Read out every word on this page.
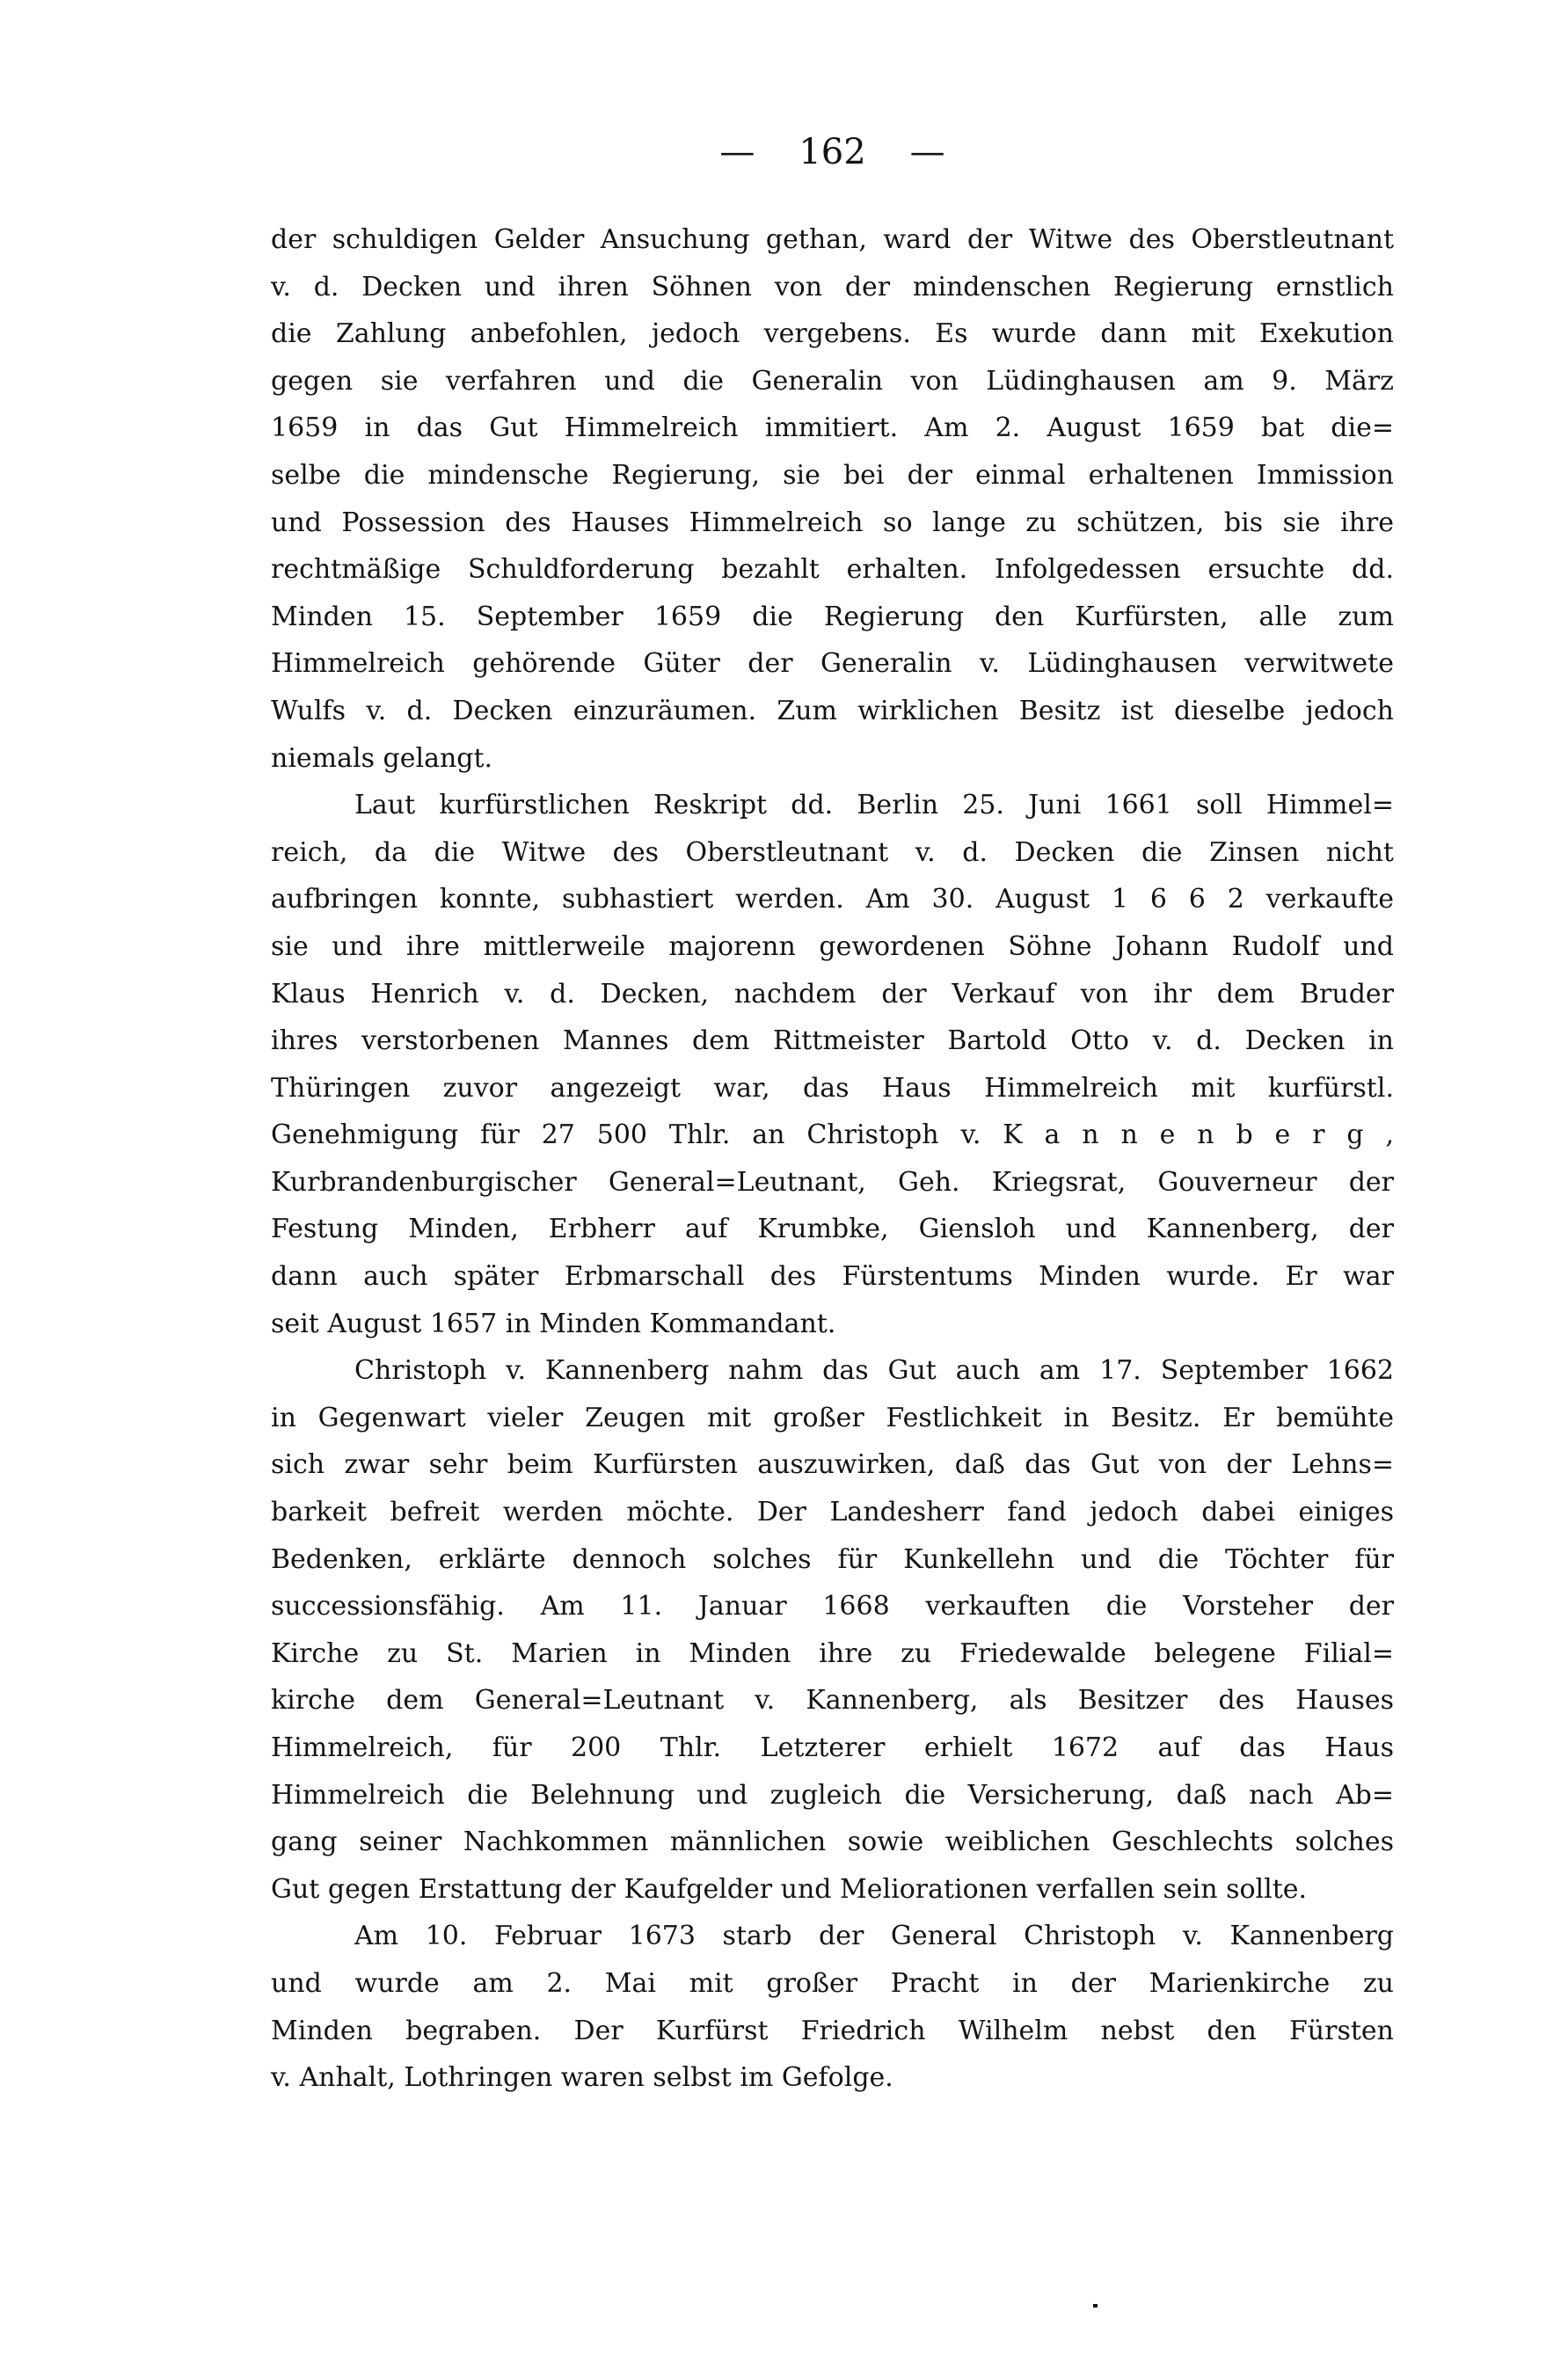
— 162 —
der schuldigen Gelder Ansuchung gethan, ward der Witwe des Oberstleutnant
v. d. Decken und ihren Söhnen von der mindenschen Regierung ernstlich
die Zahlung anbefohlen, jedoch vergebens. Es wurde dann mit Exekution
gegen sie verfahren und die Generalin von Lüdinghausen am 9. März
1659 in das Gut Himmelreich immitiert. Am 2. August 1659 bat die=
selbe die mindensche Regierung, sie bei der einmal erhaltenen Immission
und Possession des Hauses Himmelreich so lange zu schützen, bis sie ihre
rechtmäßige Schuldforderung bezahlt erhalten. Infolgedessen ersuchte dd.
Minden 15. September 1659 die Regierung den Kurfürsten, alle zum
Himmelreich gehörende Güter der Generalin v. Lüdinghausen verwitwete
Wulfs v. d. Decken einzuräumen. Zum wirklichen Besitz ist dieselbe jedoch
niemals gelangt.
Laut kurfürstlichen Reskript dd. Berlin 25. Juni 1661 soll Himmel=
reich, da die Witwe des Oberstleutnant v. d. Decken die Zinsen nicht
aufbringen konnte, subhastiert werden. Am 30. August 1 6 6 2 verkaufte
sie und ihre mittlerweile majorenn gewordenen Söhne Johann Rudolf und
Klaus Henrich v. d. Decken, nachdem der Verkauf von ihr dem Bruder
ihres verstorbenen Mannes dem Rittmeister Bartold Otto v. d. Decken in
Thüringen zuvor angezeigt war, das Haus Himmelreich mit kurfürstl.
Genehmigung für 27 500 Thlr. an Christoph v. K a n n e n b e r g ,
Kurbrandenburgischer General=Leutnant, Geh. Kriegsrat, Gouverneur der
Festung Minden, Erbherr auf Krumbke, Giensloh und Kannenberg, der
dann auch später Erbmarschall des Fürstentums Minden wurde. Er war
seit August 1657 in Minden Kommandant.
Christoph v. Kannenberg nahm das Gut auch am 17. September 1662
in Gegenwart vieler Zeugen mit großer Festlichkeit in Besitz. Er bemühte
sich zwar sehr beim Kurfürsten auszuwirken, daß das Gut von der Lehns=
barkeit befreit werden möchte. Der Landesherr fand jedoch dabei einiges
Bedenken, erklärte dennoch solches für Kunkellehn und die Töchter für
successionsfähig. Am 11. Januar 1668 verkauften die Vorsteher der
Kirche zu St. Marien in Minden ihre zu Friedewalde belegene Filial=
kirche dem General=Leutnant v. Kannenberg, als Besitzer des Hauses
Himmelreich, für 200 Thlr. Letzterer erhielt 1672 auf das Haus
Himmelreich die Belehnung und zugleich die Versicherung, daß nach Ab=
gang seiner Nachkommen männlichen sowie weiblichen Geschlechts solches
Gut gegen Erstattung der Kaufgelder und Meliorationen verfallen sein sollte.
Am 10. Februar 1673 starb der General Christoph v. Kannenberg
und wurde am 2. Mai mit großer Pracht in der Marienkirche zu
Minden begraben. Der Kurfürst Friedrich Wilhelm nebst den Fürsten
v. Anhalt, Lothringen waren selbst im Gefolge.
